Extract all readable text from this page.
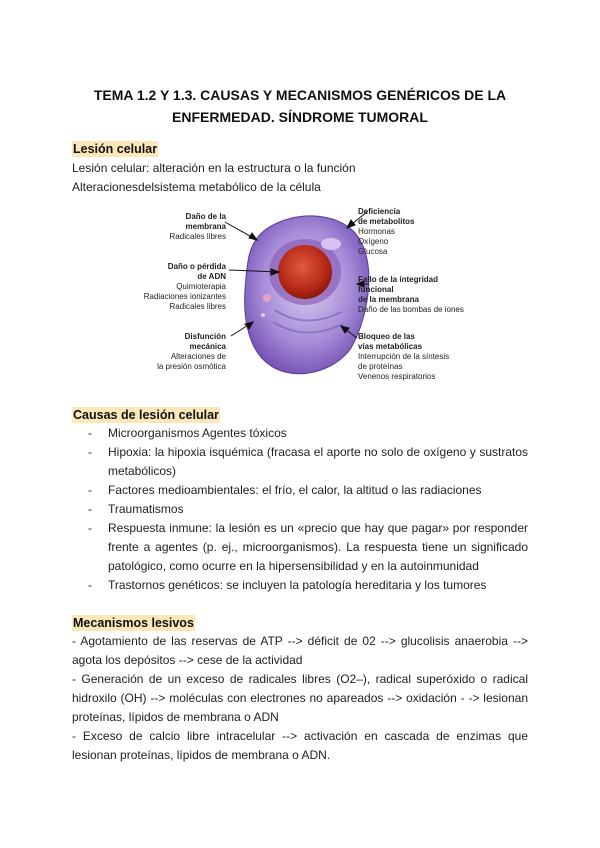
TEMA 1.2 Y 1.3. CAUSAS Y MECANISMOS GENÉRICOS DE LA
ENFERMEDAD. SÍNDROME TUMORAL
Lesión celular
Lesión celular: alteración en la estructura o la función
Alteracionesdelsistema metabólico de la célula
Daño de la
membrana
Radicales libres
Daño o pérdida
de ADN
Quimioterapia
Radiaciones ionizantes
Radicales libres
Disfunción
mecánica
Alteraciones de
la presión osmótica
Deficiencia
de metabolitos
Hormonas
Oxígeno
Glucosa
Fallo de la integridad
funcional
de la membrana
Daño de las bombas de iones
Bloqueo de las
vías metabólicas
Interrupción de la síntesis
de proteínas
Venenos respiratorios
Causas de lesión celular
- Microorganismos Agentes tóxicos
- Hipoxia: la hipoxia isquémica (fracasa el aporte no solo de oxígeno y sustratos metabólicos)
- Factores medioambientales: el frío, el calor, la altitud o las radiaciones
- Traumatismos
- Respuesta inmune: la lesión es un «precio que hay que pagar» por responder frente a agentes (p. ej., microorganismos). La respuesta tiene un significado patológico, como ocurre en la hipersensibilidad y en la autoinmunidad
- Trastornos genéticos: se incluyen la patología hereditaria y los tumores
Mecanismos lesivos
- Agotamiento de las reservas de ATP --> déficit de 02 --> glucolisis anaerobia --> agota los depósitos --> cese de la actividad
- Generación de un exceso de radicales libres (O2–), radical superóxido o radical hidroxilo (OH) --> moléculas con electrones no apareados --> oxidación - -> lesionan proteínas, lípidos de membrana o ADN
- Exceso de calcio libre intracelular --> activación en cascada de enzimas que lesionan proteínas, lípidos de membrana o ADN.
